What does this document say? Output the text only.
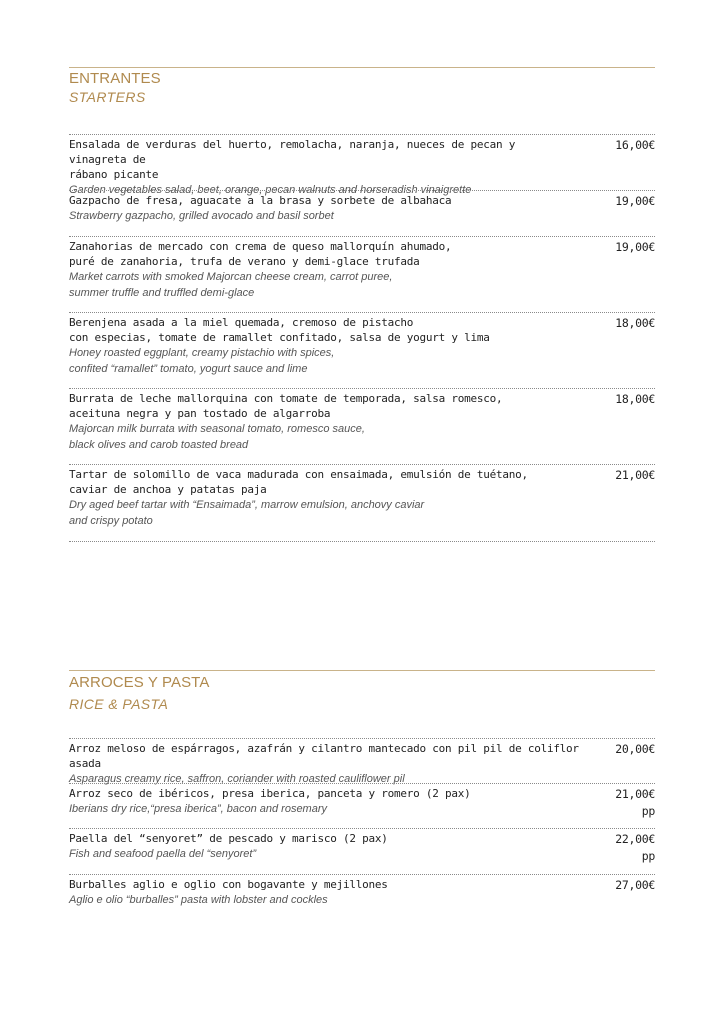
ENTRANTES
STARTERS
Ensalada de verduras del huerto, remolacha, naranja, nueces de pecan y vinagreta de
rábano picante
Garden vegetables salad, beet, orange, pecan walnuts and horseradish vinaigrette
16,00€
Gazpacho de fresa, aguacate a la brasa y sorbete de albahaca
Strawberry gazpacho, grilled avocado and basil sorbet
19,00€
Zanahorias de mercado con crema de queso mallorquín ahumado,
puré de zanahoria, trufa de verano y demi-glace trufada
Market carrots with smoked Majorcan cheese cream, carrot puree,
summer truffle and truffled demi-glace
19,00€
Berenjena asada a la miel quemada, cremoso de pistacho
con especias, tomate de ramallet confitado, salsa de yogurt y lima
Honey roasted eggplant, creamy pistachio with spices,
confited “ramallet” tomato, yogurt sauce and lime
18,00€
Burrata de leche mallorquina con tomate de temporada, salsa romesco,
aceituna negra y pan tostado de algarroba
Majorcan milk burrata with seasonal tomato, romesco sauce,
black olives and carob toasted bread
18,00€
Tartar de solomillo de vaca madurada con ensaimada, emulsión de tuétano,
caviar de anchoa y patatas paja
Dry aged beef tartar with “Ensaimada”, marrow emulsion, anchovy caviar
and crispy potato
21,00€
ARROCES Y PASTA
RICE & PASTA
Arroz meloso de espárragos, azafrán y cilantro mantecado con pil pil de coliflor asada
Asparagus creamy rice, saffron, coriander with roasted cauliflower pil
20,00€
Arroz seco de ibéricos, presa iberica, panceta y romero (2 pax)
Iberians dry rice,“presa iberica”, bacon and rosemary
21,00€
pp
Paella del “senyoret” de pescado y marisco (2 pax)
Fish and seafood paella del “senyoret”
22,00€
pp
Burballes aglio e oglio con bogavante y mejillones
Aglio e olio “burballes” pasta with lobster and cockles
27,00€
